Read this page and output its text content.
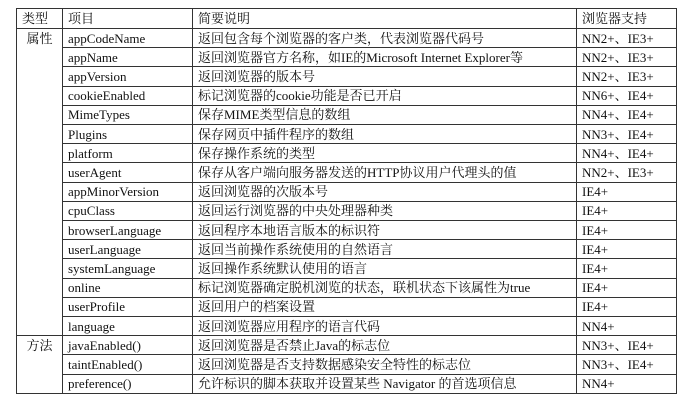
类型	项目	简要说明	浏览器支持
属性	appCodeName	返回包含每个浏览器的客户类，代表浏览器代码号	NN2+、IE3+
	appName	返回浏览器官方名称，如IE的Microsoft Internet Explorer等	NN2+、IE3+
	appVersion	返回浏览器的版本号	NN2+、IE3+
	cookieEnabled	标记浏览器的cookie功能是否已开启	NN6+、IE4+
	MimeTypes	保存MIME类型信息的数组	NN4+、IE4+
	Plugins	保存网页中插件程序的数组	NN3+、IE4+
	platform	保存操作系统的类型	NN4+、IE4+
	userAgent	保存从客户端向服务器发送的HTTP协议用户代理头的值	NN2+、IE3+
	appMinorVersion	返回浏览器的次版本号	IE4+
	cpuClass	返回运行浏览器的中央处理器种类	IE4+
	browserLanguage	返回程序本地语言版本的标识符	IE4+
	userLanguage	返回当前操作系统使用的自然语言	IE4+
	systemLanguage	返回操作系统默认使用的语言	IE4+
	online	标记浏览器确定脱机浏览的状态，联机状态下该属性为true	IE4+
	userProfile	返回用户的档案设置	IE4+
	language	返回浏览器应用程序的语言代码	NN4+
方法	javaEnabled()	返回浏览器是否禁止Java的标志位	NN3+、IE4+
	taintEnabled()	返回浏览器是否支持数据感染安全特性的标志位	NN3+、IE4+
	preference()	允许标识的脚本获取并设置某些 Navigator 的首选项信息	NN4+
